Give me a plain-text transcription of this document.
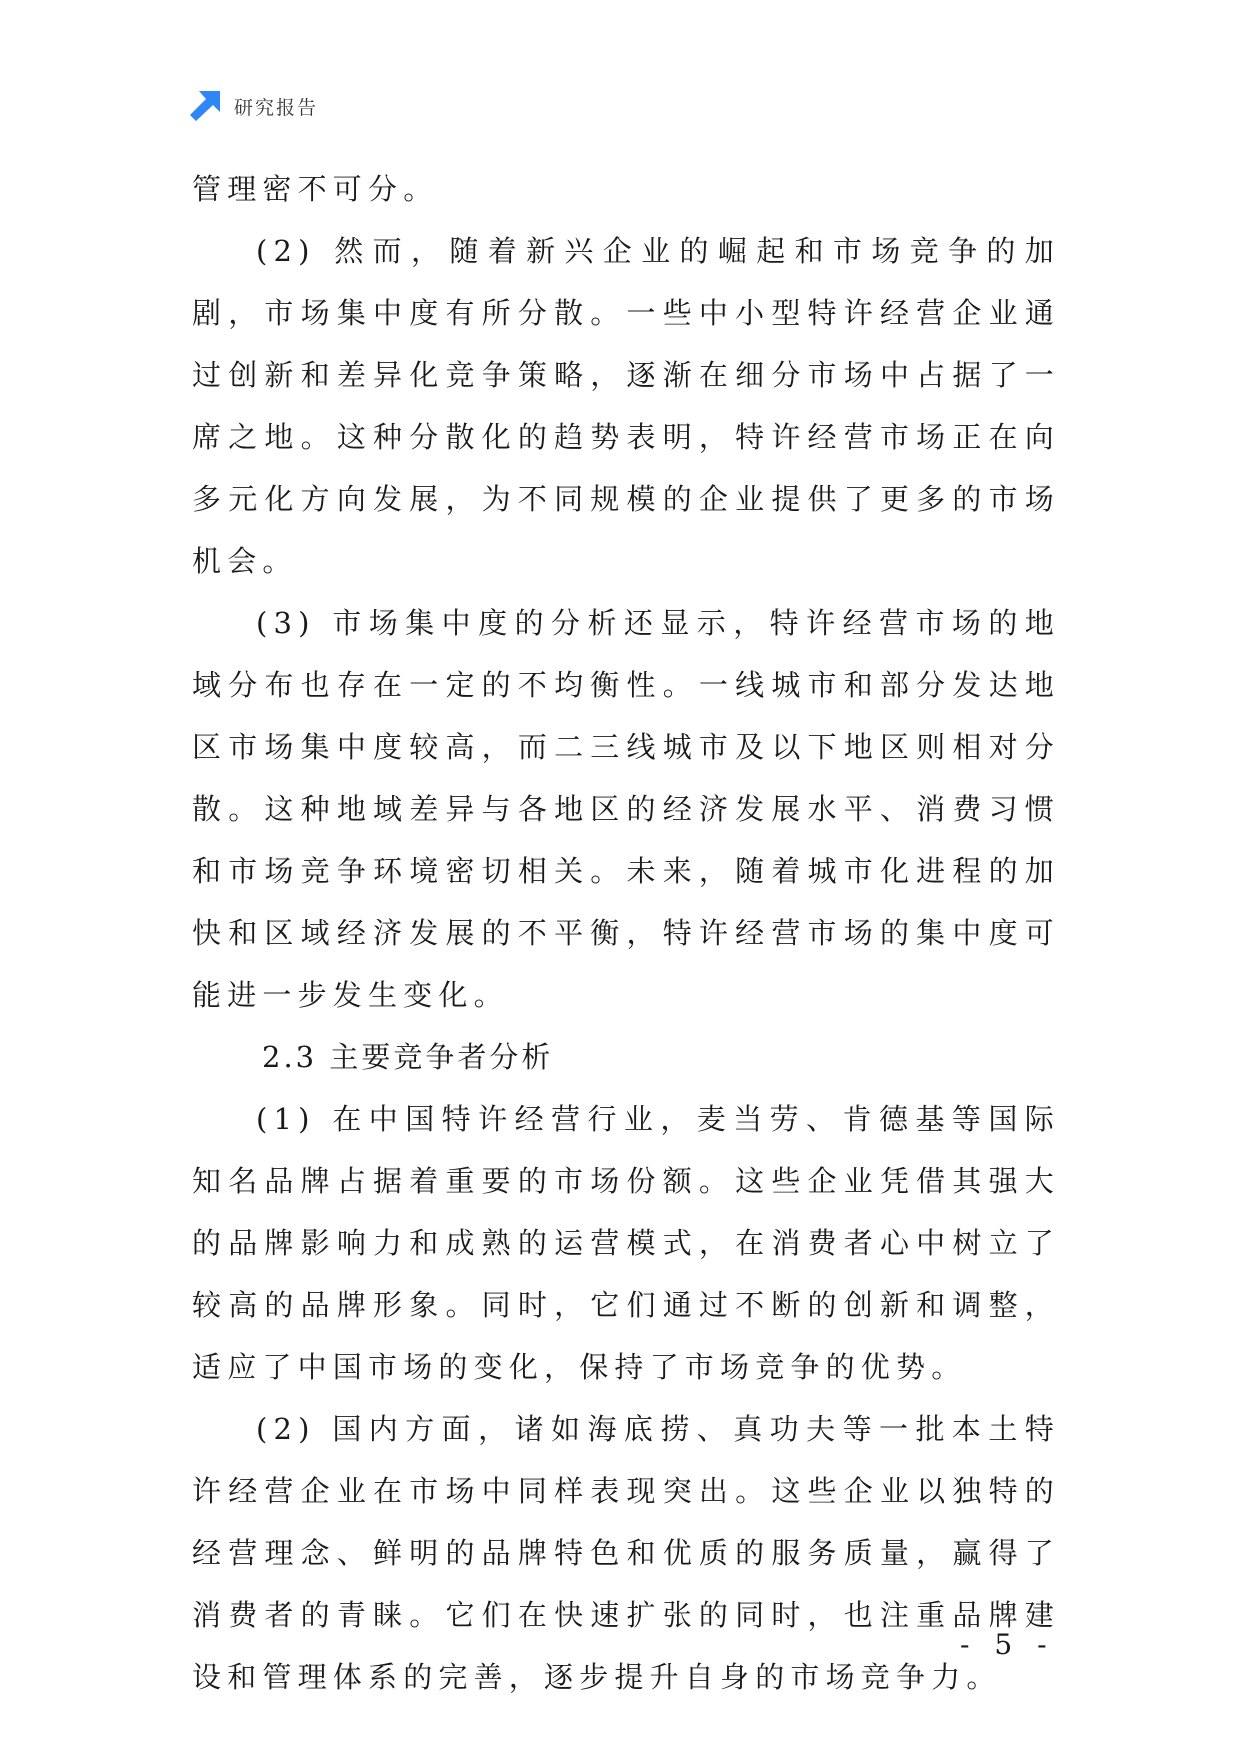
研究报告

管理密不可分。

(2) 然而，随着新兴企业的崛起和市场竞争的加剧，市场集中度有所分散。一些中小型特许经营企业通过创新和差异化竞争策略，逐渐在细分市场中占据了一席之地。这种分散化的趋势表明，特许经营市场正在向多元化方向发展，为不同规模的企业提供了更多的市场机会。

(3) 市场集中度的分析还显示，特许经营市场的地域分布也存在一定的不均衡性。一线城市和部分发达地区市场集中度较高，而二三线城市及以下地区则相对分散。这种地域差异与各地区的经济发展水平、消费习惯和市场竞争环境密切相关。未来，随着城市化进程的加快和区域经济发展的不平衡，特许经营市场的集中度可能进一步发生变化。

2.3 主要竞争者分析

(1) 在中国特许经营行业，麦当劳、肯德基等国际知名品牌占据着重要的市场份额。这些企业凭借其强大的品牌影响力和成熟的运营模式，在消费者心中树立了较高的品牌形象。同时，它们通过不断的创新和调整，适应了中国市场的变化，保持了市场竞争的优势。

(2) 国内方面，诸如海底捞、真功夫等一批本土特许经营企业在市场中同样表现突出。这些企业以独特的经营理念、鲜明的品牌特色和优质的服务质量，赢得了消费者的青睐。它们在快速扩张的同时，也注重品牌建设和管理体系的完善，逐步提升自身的市场竞争力。

- 5 -
